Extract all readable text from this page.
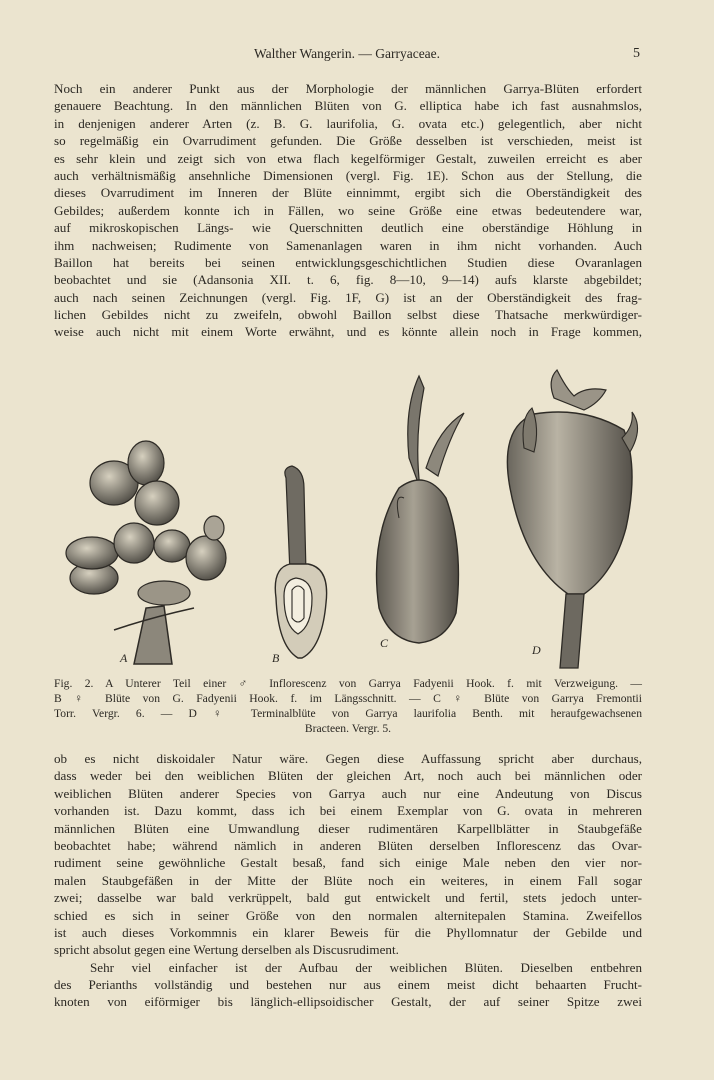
Walther Wangerin. — Garryaceae.	5
Noch ein anderer Punkt aus der Morphologie der männlichen Garrya-Blüten erfordert
genauere Beachtung. In den männlichen Blüten von G. elliptica habe ich fast ausnahmslos,
in denjenigen anderer Arten (z. B. G. laurifolia, G. ovata etc.) gelegentlich, aber nicht
so regelmäßig ein Ovarrudiment gefunden. Die Größe desselben ist verschieden, meist ist
es sehr klein und zeigt sich von etwa flach kegelförmiger Gestalt, zuweilen erreicht es aber
auch verhältnismäßig ansehnliche Dimensionen (vergl. Fig. 1E). Schon aus der Stellung, die
dieses Ovarrudiment im Inneren der Blüte einnimmt, ergibt sich die Oberständigkeit des
Gebildes; außerdem konnte ich in Fällen, wo seine Größe eine etwas bedeutendere war,
auf mikroskopischen Längs- wie Querschnitten deutlich eine oberständige Höhlung in
ihm nachweisen; Rudimente von Samenanlagen waren in ihm nicht vorhanden. Auch
Baillon hat bereits bei seinen entwicklungsgeschichtlichen Studien diese Ovaranlagen
beobachtet und sie (Adansonia XII. t. 6, fig. 8—10, 9—14) aufs klarste abgebildet;
auch nach seinen Zeichnungen (vergl. Fig. 1F, G) ist an der Oberständigkeit des frag-
lichen Gebildes nicht zu zweifeln, obwohl Baillon selbst diese Thatsache merkwürdiger-
weise auch nicht mit einem Worte erwähnt, und es könnte allein noch in Frage kommen,
A	B
C	D
Fig. 2. A Unterer Teil einer ♂ Inflorescenz von Garrya Fadyenii Hook. f. mit Verzweigung. —
B ♀ Blüte von G. Fadyenii Hook. f. im Längsschnitt. — C ♀ Blüte von Garrya Fremontii
Torr. Vergr. 6. — D ♀ Terminalblüte von Garrya laurifolia Benth. mit heraufgewachsenen
Bracteen. Vergr. 5.
ob es nicht diskoidaler Natur wäre. Gegen diese Auffassung spricht aber durchaus,
dass weder bei den weiblichen Blüten der gleichen Art, noch auch bei männlichen oder
weiblichen Blüten anderer Species von Garrya auch nur eine Andeutung von Discus
vorhanden ist. Dazu kommt, dass ich bei einem Exemplar von G. ovata in mehreren
männlichen Blüten eine Umwandlung dieser rudimentären Karpellblätter in Staubgefäße
beobachtet habe; während nämlich in anderen Blüten derselben Inflorescenz das Ovar-
rudiment seine gewöhnliche Gestalt besaß, fand sich einige Male neben den vier nor-
malen Staubgefäßen in der Mitte der Blüte noch ein weiteres, in einem Fall sogar
zwei; dasselbe war bald verkrüppelt, bald gut entwickelt und fertil, stets jedoch unter-
schied es sich in seiner Größe von den normalen alternitepalen Stamina. Zweifellos
ist auch dieses Vorkommnis ein klarer Beweis für die Phyllomnatur der Gebilde und
spricht absolut gegen eine Wertung derselben als Discusrudiment.
Sehr viel einfacher ist der Aufbau der weiblichen Blüten. Dieselben entbehren
des Perianths vollständig und bestehen nur aus einem meist dicht behaarten Frucht-
knoten von eiförmiger bis länglich-ellipsoidischer Gestalt, der auf seiner Spitze zwei
